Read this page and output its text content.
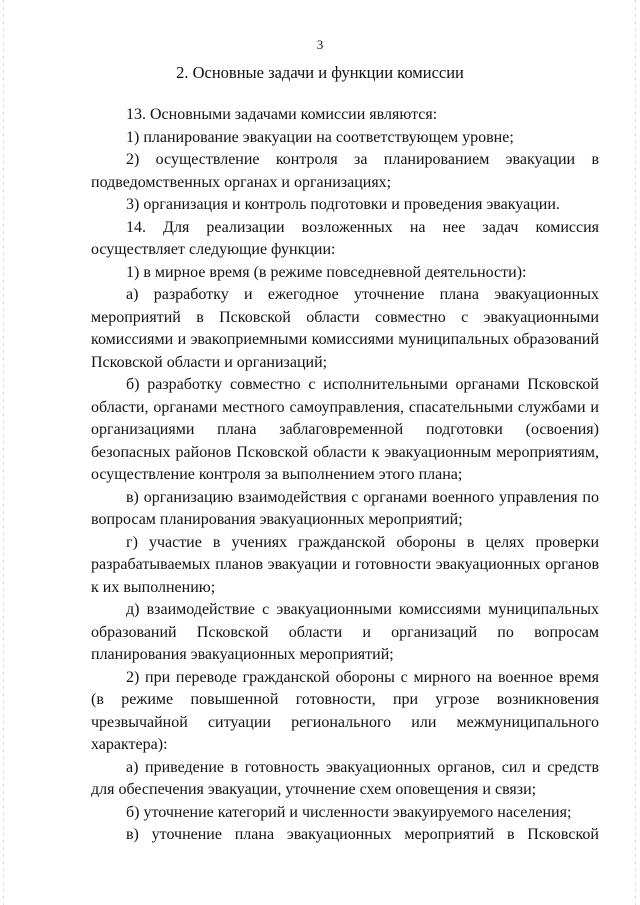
3
2. Основные задачи и функции комиссии

13. Основными задачами комиссии являются:

1) планирование эвакуации на соответствующем уровне;

2) осуществление контроля за планированием эвакуации в подведомственных органах и организациях;

3) организация и контроль подготовки и проведения эвакуации.

14. Для реализации возложенных на нее задач комиссия осуществляет следующие функции:

1) в мирное время (в режиме повседневной деятельности):

а) разработку и ежегодное уточнение плана эвакуационных мероприятий в Псковской области совместно с эвакуационными комиссиями и эвакоприемными комиссиями муниципальных образований Псковской области и организаций;

б) разработку совместно с исполнительными органами Псковской области, органами местного самоуправления, спасательными службами и организациями плана заблаговременной подготовки (освоения) безопасных районов Псковской области к эвакуационным мероприятиям, осуществление контроля за выполнением этого плана;

в) организацию взаимодействия с органами военного управления по вопросам планирования эвакуационных мероприятий;

г) участие в учениях гражданской обороны в целях проверки разрабатываемых планов эвакуации и готовности эвакуационных органов к их выполнению;

д) взаимодействие с эвакуационными комиссиями муниципальных образований Псковской области и организаций по вопросам планирования эвакуационных мероприятий;

2) при переводе гражданской обороны с мирного на военное время (в режиме повышенной готовности, при угрозе возникновения чрезвычайной ситуации регионального или межмуниципального характера):

а) приведение в готовность эвакуационных органов, сил и средств для обеспечения эвакуации, уточнение схем оповещения и связи;

б) уточнение категорий и численности эвакуируемого населения;

в) уточнение плана эвакуационных мероприятий в Псковской
